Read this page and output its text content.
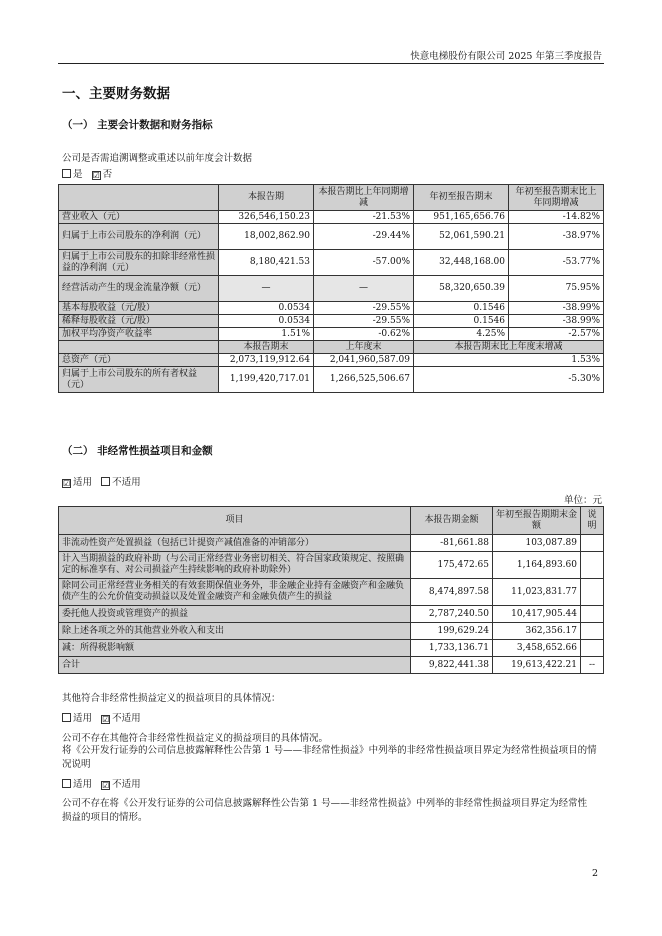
快意电梯股份有限公司 2025 年第三季度报告
一、主要财务数据
（一） 主要会计数据和财务指标
公司是否需追溯调整或重述以前年度会计数据
是 ☑ 否
	本报告期	本报告期比上年同期增减	年初至报告期末	年初至报告期末比上年同期增减
营业收入（元）	326,546,150.23	-21.53%	951,165,656.76	-14.82%
归属于上市公司股东的净利润（元）	18,002,862.90	-29.44%	52,061,590.21	-38.97%
归属于上市公司股东的扣除非经常性损益的净利润（元）	8,180,421.53	-57.00%	32,448,168.00	-53.77%
经营活动产生的现金流量净额（元）	—	—	58,320,650.39	75.95%
基本每股收益（元/股）	0.0534	-29.55%	0.1546	-38.99%
稀释每股收益（元/股）	0.0534	-29.55%	0.1546	-38.99%
加权平均净资产收益率	1.51%	-0.62%	4.25%	-2.57%
	本报告期末	上年度末	本报告期末比上年度末增减	
总资产（元）	2,073,119,912.64	2,041,960,587.09	1.53%	
归属于上市公司股东的所有者权益（元）	1,199,420,717.01	1,266,525,506.67	-5.30%	
（二） 非经常性损益项目和金额
☑ 适用 不适用
单位：元
项目	本报告期金额	年初至报告期期末金额	说明
非流动性资产处置损益（包括已计提资产减值准备的冲销部分）	-81,661.88	103,087.89	
计入当期损益的政府补助（与公司正常经营业务密切相关、符合国家政策规定、按照确定的标准享有、对公司损益产生持续影响的政府补助除外）	175,472.65	1,164,893.60	
除同公司正常经营业务相关的有效套期保值业务外，非金融企业持有金融资产和金融负债产生的公允价值变动损益以及处置金融资产和金融负债产生的损益	8,474,897.58	11,023,831.77	
委托他人投资或管理资产的损益	2,787,240.50	10,417,905.44	
除上述各项之外的其他营业外收入和支出	199,629.24	362,356.17	
减：所得税影响额	1,733,136.71	3,458,652.66	
合计	9,822,441.38	19,613,422.21	--
其他符合非经常性损益定义的损益项目的具体情况：
适用 ☑ 不适用
公司不存在其他符合非经常性损益定义的损益项目的具体情况。
将《公开发行证券的公司信息披露解释性公告第 1 号——非经常性损益》中列举的非经常性损益项目界定为经常性损益项目的情况说明
适用 ☑ 不适用
公司不存在将《公开发行证券的公司信息披露解释性公告第 1 号——非经常性损益》中列举的非经常性损益项目界定为经常性损益的项目的情形。
2
